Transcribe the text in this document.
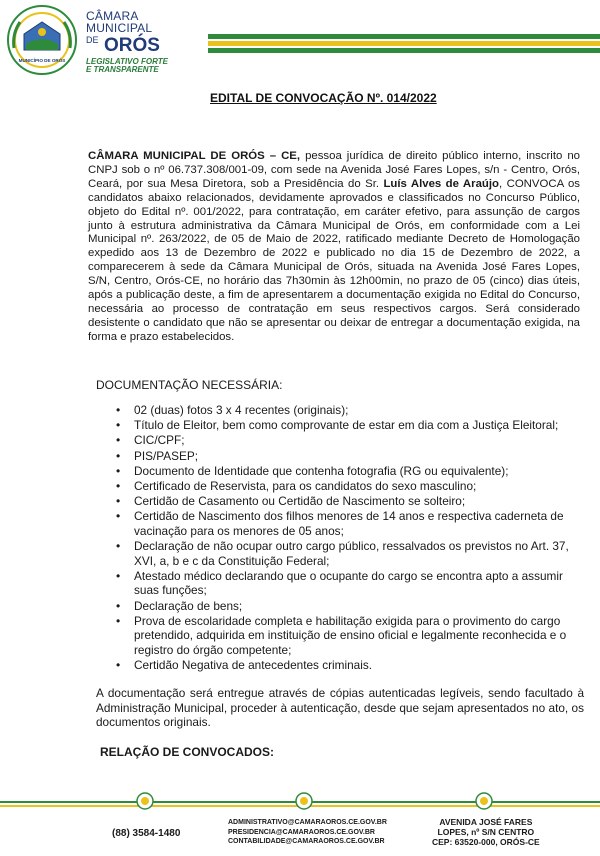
MUNICÍPIO DE ORÓS
CÂMARA MUNICIPAL
DE ORÓS
LEGISLATIVO FORTE
E TRANSPARENTE
EDITAL DE CONVOCAÇÃO Nº. 014/2022
CÂMARA MUNICIPAL DE ORÓS – CE, pessoa jurídica de direito público interno, inscrito no CNPJ sob o nº 06.737.308/001-09, com sede na Avenida José Fares Lopes, s/n - Centro, Orós, Ceará, por sua Mesa Diretora, sob a Presidência do Sr. Luís Alves de Araújo, CONVOCA os candidatos abaixo relacionados, devidamente aprovados e classificados no Concurso Público, objeto do Edital nº. 001/2022, para contratação, em caráter efetivo, para assunção de cargos junto à estrutura administrativa da Câmara Municipal de Orós, em conformidade com a Lei Municipal nº. 263/2022, de 05 de Maio de 2022, ratificado mediante Decreto de Homologação expedido aos 13 de Dezembro de 2022 e publicado no dia 15 de Dezembro de 2022, a comparecerem à sede da Câmara Municipal de Orós, situada na Avenida José Fares Lopes, S/N, Centro, Orós-CE, no horário das 7h30min às 12h00min, no prazo de 05 (cinco) dias úteis, após a publicação deste, a fim de apresentarem a documentação exigida no Edital do Concurso, necessária ao processo de contratação em seus respectivos cargos. Será considerado desistente o candidato que não se apresentar ou deixar de entregar a documentação exigida, na forma e prazo estabelecidos.
DOCUMENTAÇÃO NECESSÁRIA:
• 02 (duas) fotos 3 x 4 recentes (originais);
• Título de Eleitor, bem como comprovante de estar em dia com a Justiça Eleitoral;
• CIC/CPF;
• PIS/PASEP;
• Documento de Identidade que contenha fotografia (RG ou equivalente);
• Certificado de Reservista, para os candidatos do sexo masculino;
• Certidão de Casamento ou Certidão de Nascimento se solteiro;
• Certidão de Nascimento dos filhos menores de 14 anos e respectiva caderneta de vacinação para os menores de 05 anos;
• Declaração de não ocupar outro cargo público, ressalvados os previstos no Art. 37, XVI, a, b e c da Constituição Federal;
• Atestado médico declarando que o ocupante do cargo se encontra apto a assumir suas funções;
• Declaração de bens;
• Prova de escolaridade completa e habilitação exigida para o provimento do cargo pretendido, adquirida em instituição de ensino oficial e legalmente reconhecida e o registro do órgão competente;
• Certidão Negativa de antecedentes criminais.
A documentação será entregue através de cópias autenticadas legíveis, sendo facultado à Administração Municipal, proceder à autenticação, desde que sejam apresentados no ato, os documentos originais.
RELAÇÃO DE CONVOCADOS:
(88) 3584-1480
ADMINISTRATIVO@CAMARAOROS.CE.GOV.BR
PRESIDENCIA@CAMARAOROS.CE.GOV.BR
CONTABILIDADE@CAMARAOROS.CE.GOV.BR
AVENIDA JOSÉ FARES
LOPES, nº S/N CENTRO
CEP: 63520-000, ORÓS-CE
